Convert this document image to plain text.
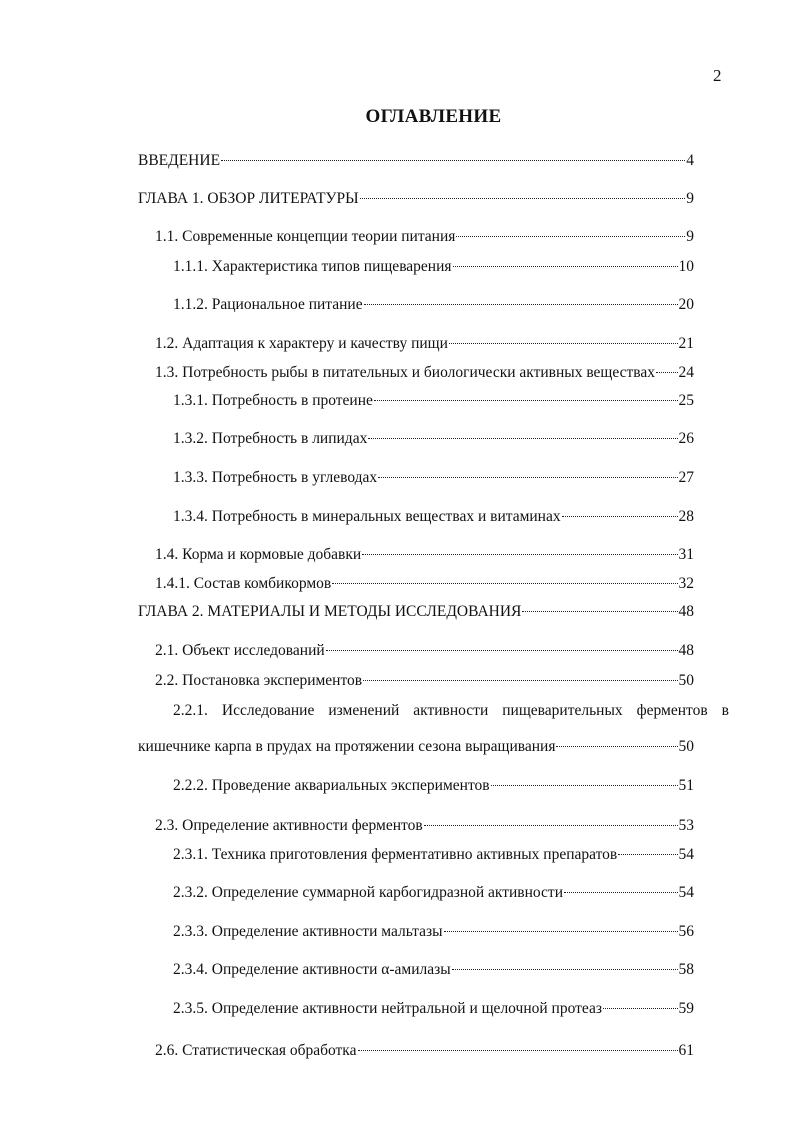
2
ОГЛАВЛЕНИЕ
ВВЕДЕНИЕ	4
ГЛАВА 1. ОБЗОР ЛИТЕРАТУРЫ	9
1.1. Современные концепции теории питания	9
1.1.1. Характеристика типов пищеварения	10
1.1.2. Рациональное питание	20
1.2. Адаптация к характеру и качеству пищи	21
1.3. Потребность рыбы в питательных и биологически активных веществах 24
1.3.1. Потребность в протеине	25
1.3.2. Потребность в липидах	26
1.3.3. Потребность в углеводах	27
1.3.4. Потребность в минеральных веществах и витаминах	28
1.4. Корма и кормовые добавки	31
1.4.1. Состав комбикормов	32
ГЛАВА 2. МАТЕРИАЛЫ И МЕТОДЫ ИССЛЕДОВАНИЯ	48
2.1. Объект исследований	48
2.2. Постановка экспериментов	50
2.2.1. Исследование изменений активности пищеварительных ферментов в
кишечнике карпа в прудах на протяжении сезона выращивания	50
2.2.2. Проведение аквариальных экспериментов	51
2.3. Определение активности ферментов	53
2.3.1. Техника приготовления ферментативно активных препаратов	54
2.3.2. Определение суммарной карбогидразной активности	54
2.3.3. Определение активности мальтазы	56
2.3.4. Определение активности α-амилазы	58
2.3.5. Определение активности нейтральной и щелочной протеаз	59
2.6. Статистическая обработка	61
